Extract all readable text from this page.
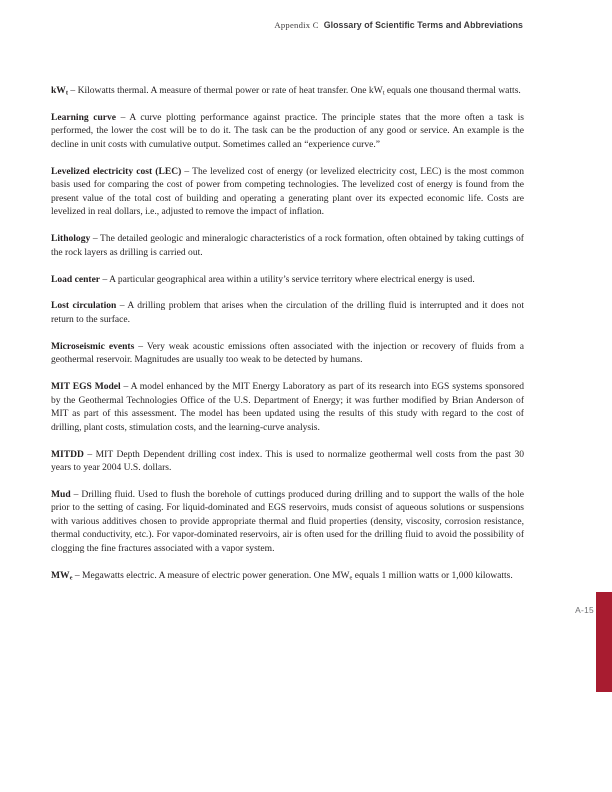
Appendix C Glossary of Scientific Terms and Abbreviations

$kW_t$ – Kilowatts thermal. A measure of thermal power or rate of heat transfer. One $kW_t$ equals one thousand thermal watts.

Learning curve – A curve plotting performance against practice. The principle states that the more often a task is performed, the lower the cost will be to do it. The task can be the production of any good or service. An example is the decline in unit costs with cumulative output. Sometimes called an “experience curve.”

Levelized electricity cost (LEC) – The levelized cost of energy (or levelized electricity cost, LEC) is the most common basis used for comparing the cost of power from competing technologies. The levelized cost of energy is found from the present value of the total cost of building and operating a generating plant over its expected economic life. Costs are levelized in real dollars, i.e., adjusted to remove the impact of inflation.

Lithology – The detailed geologic and mineralogic characteristics of a rock formation, often obtained by taking cuttings of the rock layers as drilling is carried out.

Load center – A particular geographical area within a utility’s service territory where electrical energy is used.

Lost circulation – A drilling problem that arises when the circulation of the drilling fluid is interrupted and it does not return to the surface.

Microseismic events – Very weak acoustic emissions often associated with the injection or recovery of fluids from a geothermal reservoir. Magnitudes are usually too weak to be detected by humans.

MIT EGS Model – A model enhanced by the MIT Energy Laboratory as part of its research into EGS systems sponsored by the Geothermal Technologies Office of the U.S. Department of Energy; it was further modified by Brian Anderson of MIT as part of this assessment. The model has been updated using the results of this study with regard to the cost of drilling, plant costs, stimulation costs, and the learning-curve analysis.

MITDD – MIT Depth Dependent drilling cost index. This is used to normalize geothermal well costs from the past 30 years to year 2004 U.S. dollars.

Mud – Drilling fluid. Used to flush the borehole of cuttings produced during drilling and to support the walls of the hole prior to the setting of casing. For liquid-dominated and EGS reservoirs, muds consist of aqueous solutions or suspensions with various additives chosen to provide appropriate thermal and fluid properties (density, viscosity, corrosion resistance, thermal conductivity, etc.). For vapor-dominated reservoirs, air is often used for the drilling fluid to avoid the possibility of clogging the fine fractures associated with a vapor system.

$MW_e$ – Megawatts electric. A measure of electric power generation. One $MW_e$ equals 1 million watts or 1,000 kilowatts.

A-15
